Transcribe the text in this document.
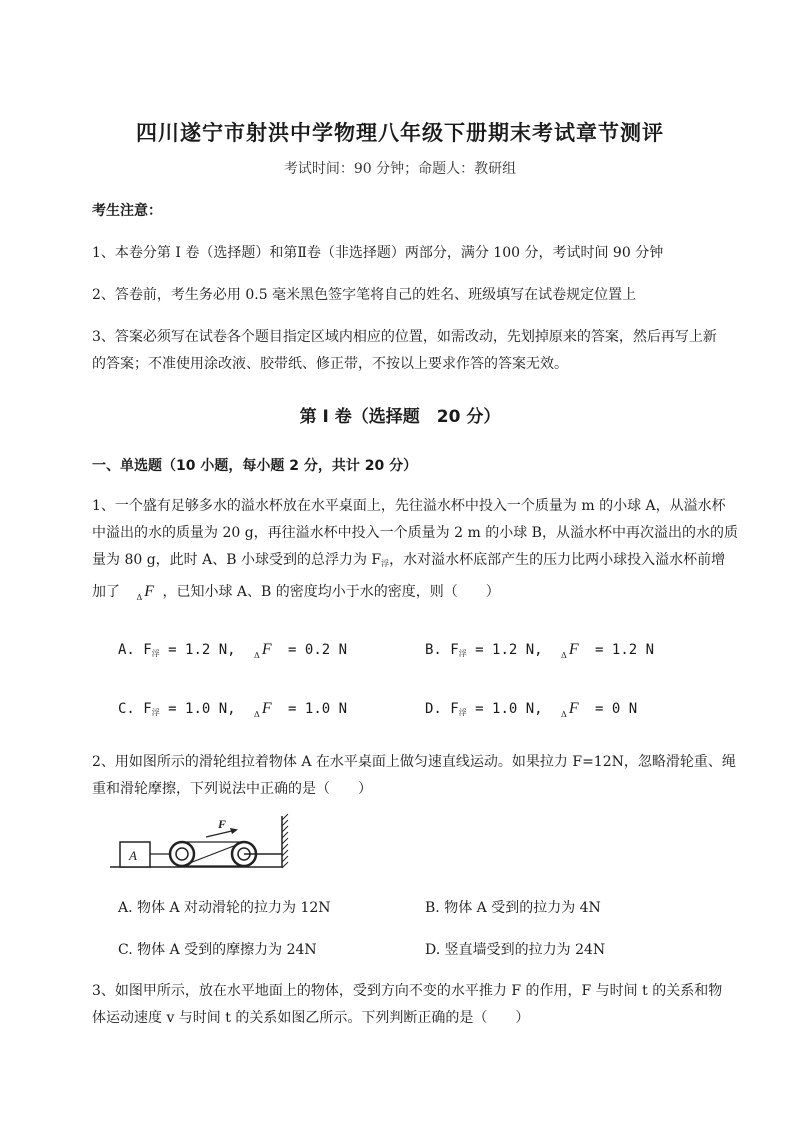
四川遂宁市射洪中学物理八年级下册期末考试章节测评
考试时间：90 分钟；命题人：教研组
考生注意：
1、本卷分第 I 卷（选择题）和第Ⅱ卷（非选择题）两部分，满分 100 分，考试时间 90 分钟
2、答卷前，考生务必用 0.5 毫米黑色签字笔将自己的姓名、班级填写在试卷规定位置上
3、答案必须写在试卷各个题目指定区域内相应的位置，如需改动，先划掉原来的答案，然后再写上新
的答案；不准使用涂改液、胶带纸、修正带，不按以上要求作答的答案无效。
第 I 卷（选择题　20 分）
一、单选题（10 小题，每小题 2 分，共计 20 分）
1、一个盛有足够多水的溢水杯放在水平桌面上，先往溢水杯中投入一个质量为 m 的小球 A，从溢水杯
中溢出的水的质量为 20 g，再往溢水杯中投入一个质量为 2 m 的小球 B，从溢水杯中再次溢出的水的质
量为 80 g，此时 A、B 小球受到的总浮力为 $F_浮$，水对溢水杯底部产生的压力比两小球投入溢水杯前增
加了 $_\Delta$ F ，已知小球 A、B 的密度均小于水的密度，则（　　）
A. $F_浮 = 1.2$ N, $_\Delta$ F = 0.2 N	B. $F_浮 = 1.2$ N, $_\Delta$ F = 1.2 N
C. $F_浮 = 1.0$ N, $_\Delta$ F = 1.0 N	D. $F_浮 = 1.0$ N, $_\Delta$ F = 0 N
2、用如图所示的滑轮组拉着物体 A 在水平桌面上做匀速直线运动。如果拉力 F=12N，忽略滑轮重、绳
重和滑轮摩擦，下列说法中正确的是（　　）
A
F
A. 物体 A 对动滑轮的拉力为 12N	B. 物体 A 受到的拉力为 4N
C. 物体 A 受到的摩擦力为 24N	D. 竖直墙受到的拉力为 24N
3、如图甲所示，放在水平地面上的物体，受到方向不变的水平推力 F 的作用，F 与时间 t 的关系和物
体运动速度 v 与时间 t 的关系如图乙所示。下列判断正确的是（　　）
